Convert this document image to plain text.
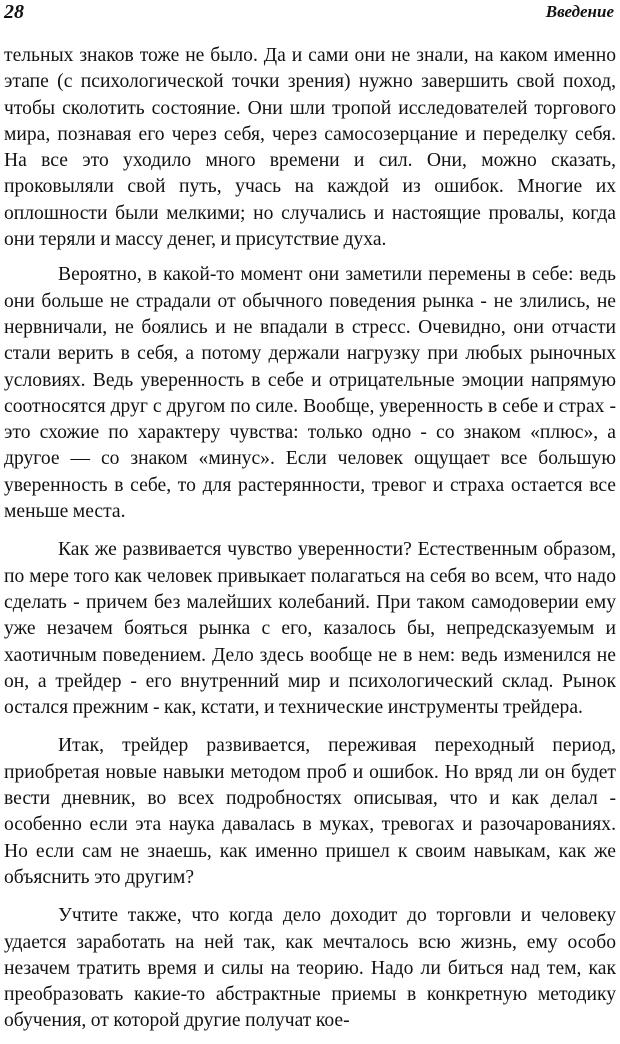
28	Введение

тельных знаков тоже не было. Да и сами они не знали, на каком именно этапе (с психологической точки зрения) нужно завершить свой поход, чтобы сколотить состояние. Они шли тропой исследователей торгового мира, познавая его через себя, через самосозерцание и переделку себя. На все это уходило много времени и сил. Они, можно сказать, проковыляли свой путь, учась на каждой из ошибок. Многие их оплошности были мелкими; но случались и настоящие провалы, когда они теряли и массу денег, и присутствие духа.

Вероятно, в какой-то момент они заметили перемены в себе: ведь они больше не страдали от обычного поведения рынка - не злились, не нервничали, не боялись и не впадали в стресс. Очевидно, они отчасти стали верить в себя, а потому держали нагрузку при любых рыночных условиях. Ведь уверенность в себе и отрицательные эмоции напрямую соотносятся друг с другом по силе. Вообще, уверенность в себе и страх - это схожие по характеру чувства: только одно - со знаком «плюс», а другое — со знаком «минус». Если человек ощущает все большую уверенность в себе, то для растерянности, тревог и страха остается все меньше места.

Как же развивается чувство уверенности? Естественным образом, по мере того как человек привыкает полагаться на себя во всем, что надо сделать - причем без малейших колебаний. При таком самодоверии ему уже незачем бояться рынка с его, казалось бы, непредсказуемым и хаотичным поведением. Дело здесь вообще не в нем: ведь изменился не он, а трейдер - его внутренний мир и психологический склад. Рынок остался прежним - как, кстати, и технические инструменты трейдера.

Итак, трейдер развивается, переживая переходный период, приобретая новые навыки методом проб и ошибок. Но вряд ли он будет вести дневник, во всех подробностях описывая, что и как делал - особенно если эта наука давалась в муках, тревогах и разочарованиях. Но если сам не знаешь, как именно пришел к своим навыкам, как же объяснить это другим?

Учтите также, что когда дело доходит до торговли и человеку удается заработать на ней так, как мечталось всю жизнь, ему особо незачем тратить время и силы на теорию. Надо ли биться над тем, как преобразовать какие-то абстрактные приемы в конкретную методику обучения, от которой другие получат кое-
